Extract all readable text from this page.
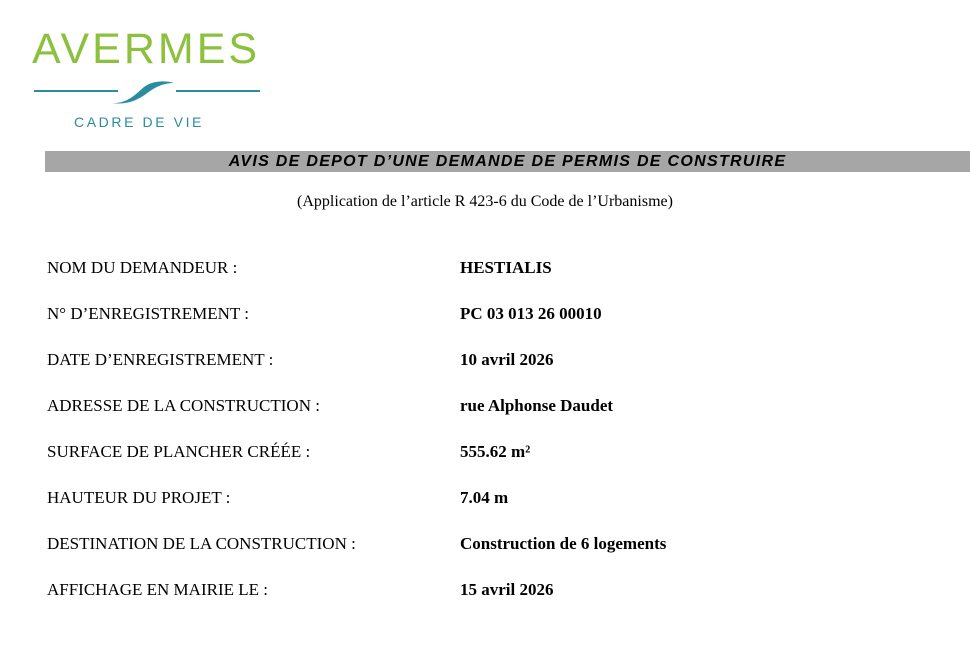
AVERMES
CADRE DE VIE
AVIS DE DEPOT D’UNE DEMANDE DE PERMIS DE CONSTRUIRE
(Application de l’article R 423-6 du Code de l’Urbanisme)
NOM DU DEMANDEUR :	HESTIALIS
N° D’ENREGISTREMENT :	PC 03 013 26 00010
DATE D’ENREGISTREMENT :	10 avril 2026
ADRESSE DE LA CONSTRUCTION :	rue Alphonse Daudet
SURFACE DE PLANCHER CRÉÉE :	555.62 m²
HAUTEUR DU PROJET :	7.04 m
DESTINATION DE LA CONSTRUCTION :	Construction de 6 logements
AFFICHAGE EN MAIRIE LE :	15 avril 2026
